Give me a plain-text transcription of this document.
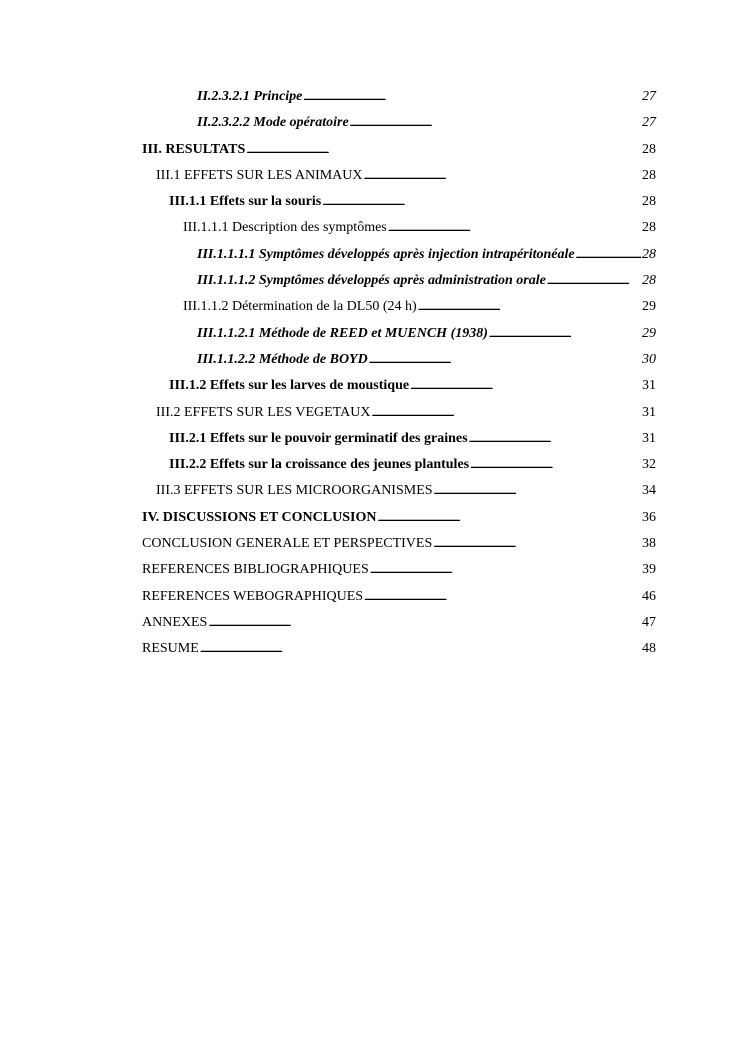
II.2.3.2.1 Principe . . .	27
II.2.3.2.2 Mode opératoire . . .	27
III. RESULTATS . . .	28
III.1 EFFETS SUR LES ANIMAUX . . .	28
III.1.1 Effets sur la souris . . .	28
III.1.1.1 Description des symptômes . . .	28
III.1.1.1.1 Symptômes développés après injection intrapéritonéale . . .	28
III.1.1.1.2 Symptômes développés après administration orale . . .	28
III.1.1.2 Détermination de la DL50 (24 h) . . .	29
III.1.1.2.1 Méthode de REED et MUENCH (1938) . . .	29
III.1.1.2.2 Méthode de BOYD . . .	30
III.1.2 Effets sur les larves de moustique . . .	31
III.2 EFFETS SUR LES VEGETAUX . . .	31
III.2.1 Effets sur le pouvoir germinatif des graines . . .	31
III.2.2 Effets sur la croissance des jeunes plantules . . .	32
III.3 EFFETS SUR LES MICROORGANISMES . . .	34
IV. DISCUSSIONS ET CONCLUSION . . .	36
CONCLUSION GENERALE ET PERSPECTIVES . . .	38
REFERENCES BIBLIOGRAPHIQUES . . .	39
REFERENCES WEBOGRAPHIQUES . . .	46
ANNEXES . . .	47
RESUME . . .	48
